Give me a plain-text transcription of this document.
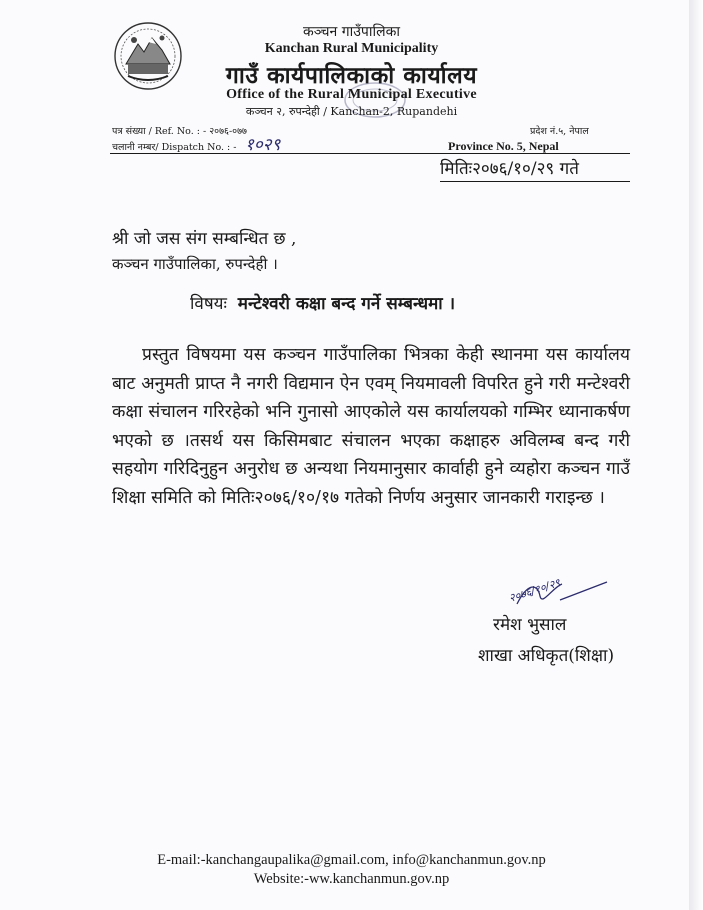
कञ्चन गाउँपालिका
Kanchan Rural Municipality
गाउँ कार्यपालिकाको कार्यालय
Office of the Rural Municipal Executive
कञ्चन २, रुपन्देही / Kanchan-2, Rupandehi
पत्र संख्या / Ref. No. : - २०७६-०७७
चलानी नम्बर/ Dispatch No. : - १०२९
प्रदेश नं.५, नेपाल
Province No. 5, Nepal
मितिः२०७६/१०/२९ गते
श्री जो जस संग सम्बन्धित छ ,
कञ्चन गाउँपालिका, रुपन्देही ।
विषयः मन्टेश्वरी कक्षा बन्द गर्ने सम्बन्धमा ।
प्रस्तुत विषयमा यस कञ्चन गाउँपालिका भित्रका केही स्थानमा यस कार्यालय बाट अनुमती प्राप्त नै नगरी विद्यमान ऐन एवम् नियमावली विपरित हुने गरी मन्टेश्वरी कक्षा संचालन गरिरहेको भनि गुनासो आएकोले यस कार्यालयको गम्भिर ध्यानाकर्षण भएको छ ।तसर्थ यस किसिमबाट संचालन भएका कक्षाहरु अविलम्ब बन्द गरी सहयोग गरिदिनुहुन अनुरोध छ अन्यथा नियमानुसार कार्वाही हुने व्यहोरा कञ्चन गाउँ शिक्षा समिति को मितिः२०७६/१०/१७ गतेको निर्णय अनुसार जानकारी गराइन्छ ।
२०७६/१०/२९
रमेश भुसाल
शाखा अधिकृत(शिक्षा)
E-mail:-kanchangaupalika@gmail.com, info@kanchanmun.gov.np
Website:-ww.kanchanmun.gov.np
